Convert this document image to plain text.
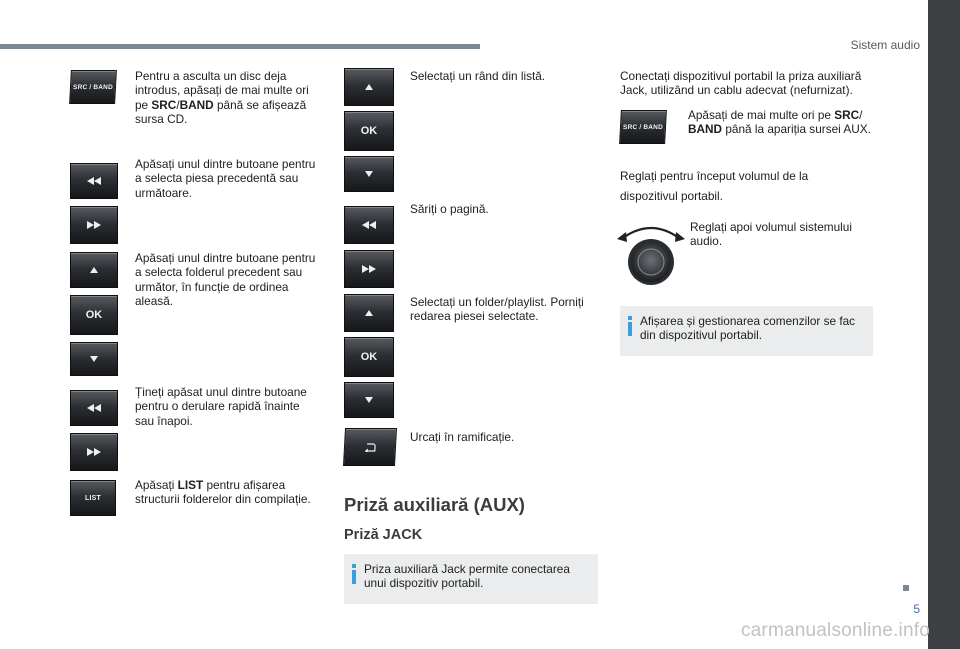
Sistem audio
5
carmanualsonline.info
SRC / BAND
Pentru a asculta un disc deja introdus, apăsați de mai multe ori pe SRC/BAND până se afișează sursa CD.
Apăsați unul dintre butoane pentru a selecta piesa precedentă sau următoare.
OK
Apăsați unul dintre butoane pentru a selecta folderul precedent sau următor, în funcție de ordinea aleasă.
Țineți apăsat unul dintre butoane pentru o derulare rapidă înainte sau înapoi.
LIST
Apăsați LIST pentru afișarea structurii folderelor din compilație.
OK
Selectați un rând din listă.
Săriți o pagină.
OK
Selectați un folder/playlist. Porniți redarea piesei selectate.
Urcați în ramificație.
Priză auxiliară (AUX)
Priză JACK
Priza auxiliară Jack permite conectarea unui dispozitiv portabil.
Conectați dispozitivul portabil la priza auxiliară Jack, utilizând un cablu adecvat (nefurnizat).
SRC / BAND
Apăsați de mai multe ori pe SRC/ BAND până la apariția sursei AUX.
Reglați pentru început volumul de la dispozitivul portabil.
Reglați apoi volumul sistemului audio.
Afișarea și gestionarea comenzilor se fac din dispozitivul portabil.
